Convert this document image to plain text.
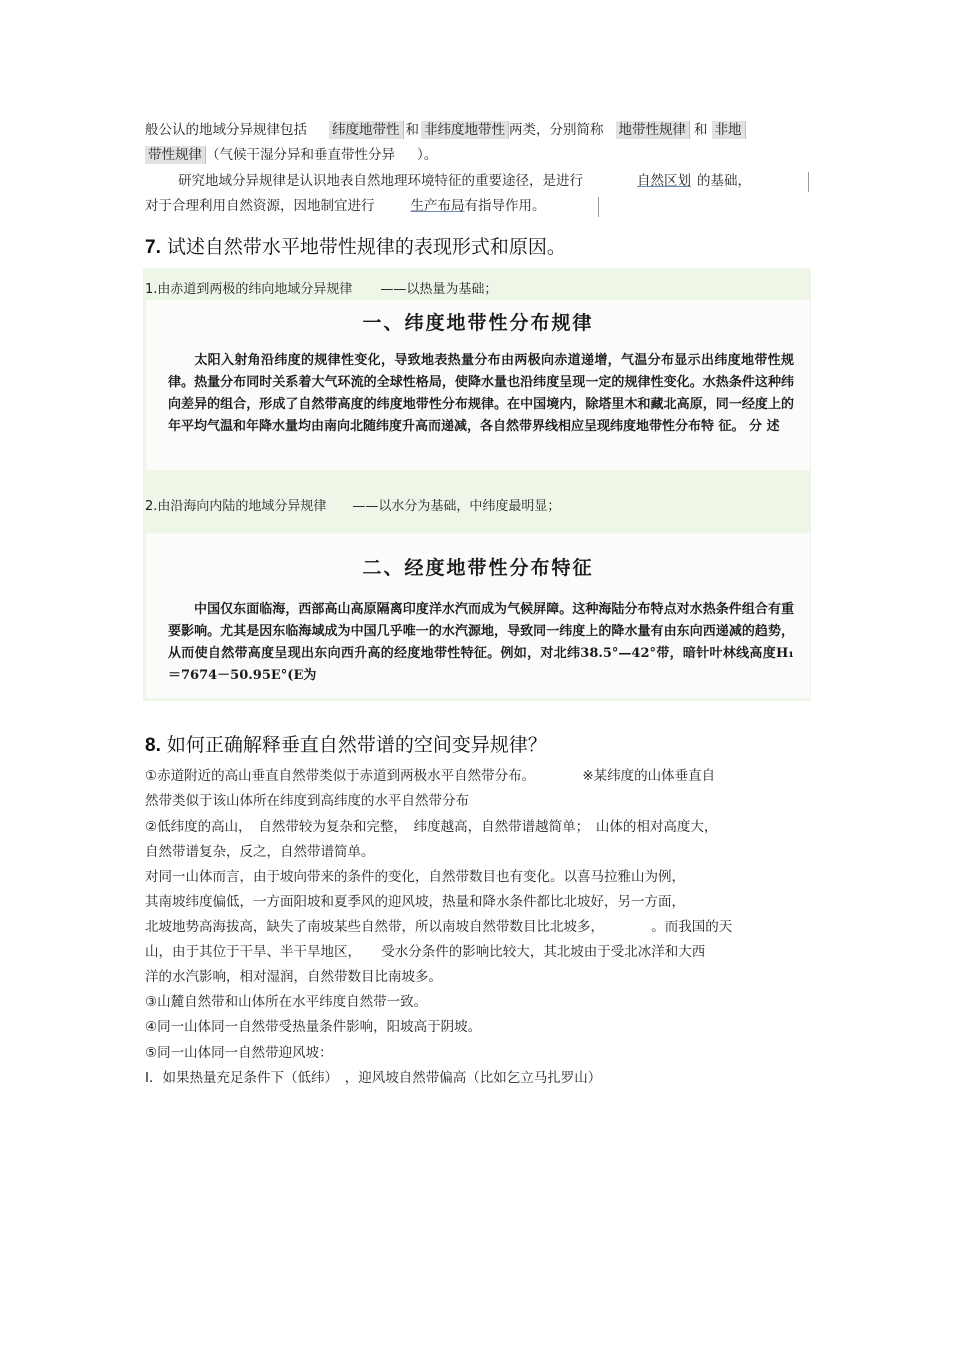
般公认的地域分异规律包括 纬度地带性 和 非纬度地带性 两类，分别简称 地带性规律 和 非地
带性规律 （气候干湿分异和垂直带性分异 ）。
研究地域分异规律是认识地表自然地理环境特征的重要途径，是进行	自然区划 的基础，
对于合理利用自然资源，因地制宜进行	生产布局有指导作用。
7. 试述自然带水平地带性规律的表现形式和原因。
1.由赤道到两极的纬向地域分异规律 ——以热量为基础；
一、纬度地带性分布规律
太阳入射角沿纬度的规律性变化，导致地表热量分布由两极向赤道递增，气温分布显示出纬度地带性规律。热量分布同时关系着大气环流的全球性格局，使降水量也沿纬度呈现一定的规律性变化。水热条件这种纬向差异的组合，形成了自然带高度的纬度地带性分布规律。在中国境内，除塔里木和藏北高原，同一经度上的年平均气温和年降水量均由南向北随纬度升高而递减，各自然带界线相应呈现纬度地带性分布特 征。 分 述
2.由沿海向内陆的地域分异规律 ——以水分为基础，中纬度最明显；
二、经度地带性分布特征
中国仅东面临海，西部高山高原隔离印度洋水汽而成为气候屏障。这种海陆分布特点对水热条件组合有重要影响。尤其是因东临海域成为中国几乎唯一的水汽源地，导致同一纬度上的降水量有由东向西递减的趋势，从而使自然带高度呈现出东向西升高的经度地带性特征。例如，对北纬38.5°—42°带，暗针叶林线高度H₁＝7674－50.95E°(E为
8. 如何正确解释垂直自然带谱的空间变异规律？
①赤道附近的高山垂直自然带类似于赤道到两极水平自然带分布。　　　　※某纬度的山体垂直自
然带类似于该山体所在纬度到高纬度的水平自然带分布
②低纬度的高山，　自然带较为复杂和完整，　纬度越高，自然带谱越简单；　山体的相对高度大，
自然带谱复杂，反之，自然带谱简单。
对同一山体而言，由于坡向带来的条件的变化，自然带数目也有变化。以喜马拉雅山为例，
其南坡纬度偏低，一方面阳坡和夏季风的迎风坡，热量和降水条件都比北坡好，另一方面，
北坡地势高海拔高，缺失了南坡某些自然带，所以南坡自然带数目比北坡多，　　　　。而我国的天
山，由于其位于干旱、半干旱地区，　　受水分条件的影响比较大，其北坡由于受北冰洋和大西
洋的水汽影响，相对湿润，自然带数目比南坡多。
③山麓自然带和山体所在水平纬度自然带一致。
④同一山体同一自然带受热量条件影响，阳坡高于阴坡。
⑤同一山体同一自然带迎风坡：
Ⅰ．如果热量充足条件下（低纬）　，迎风坡自然带偏高（比如乞立马扎罗山）
